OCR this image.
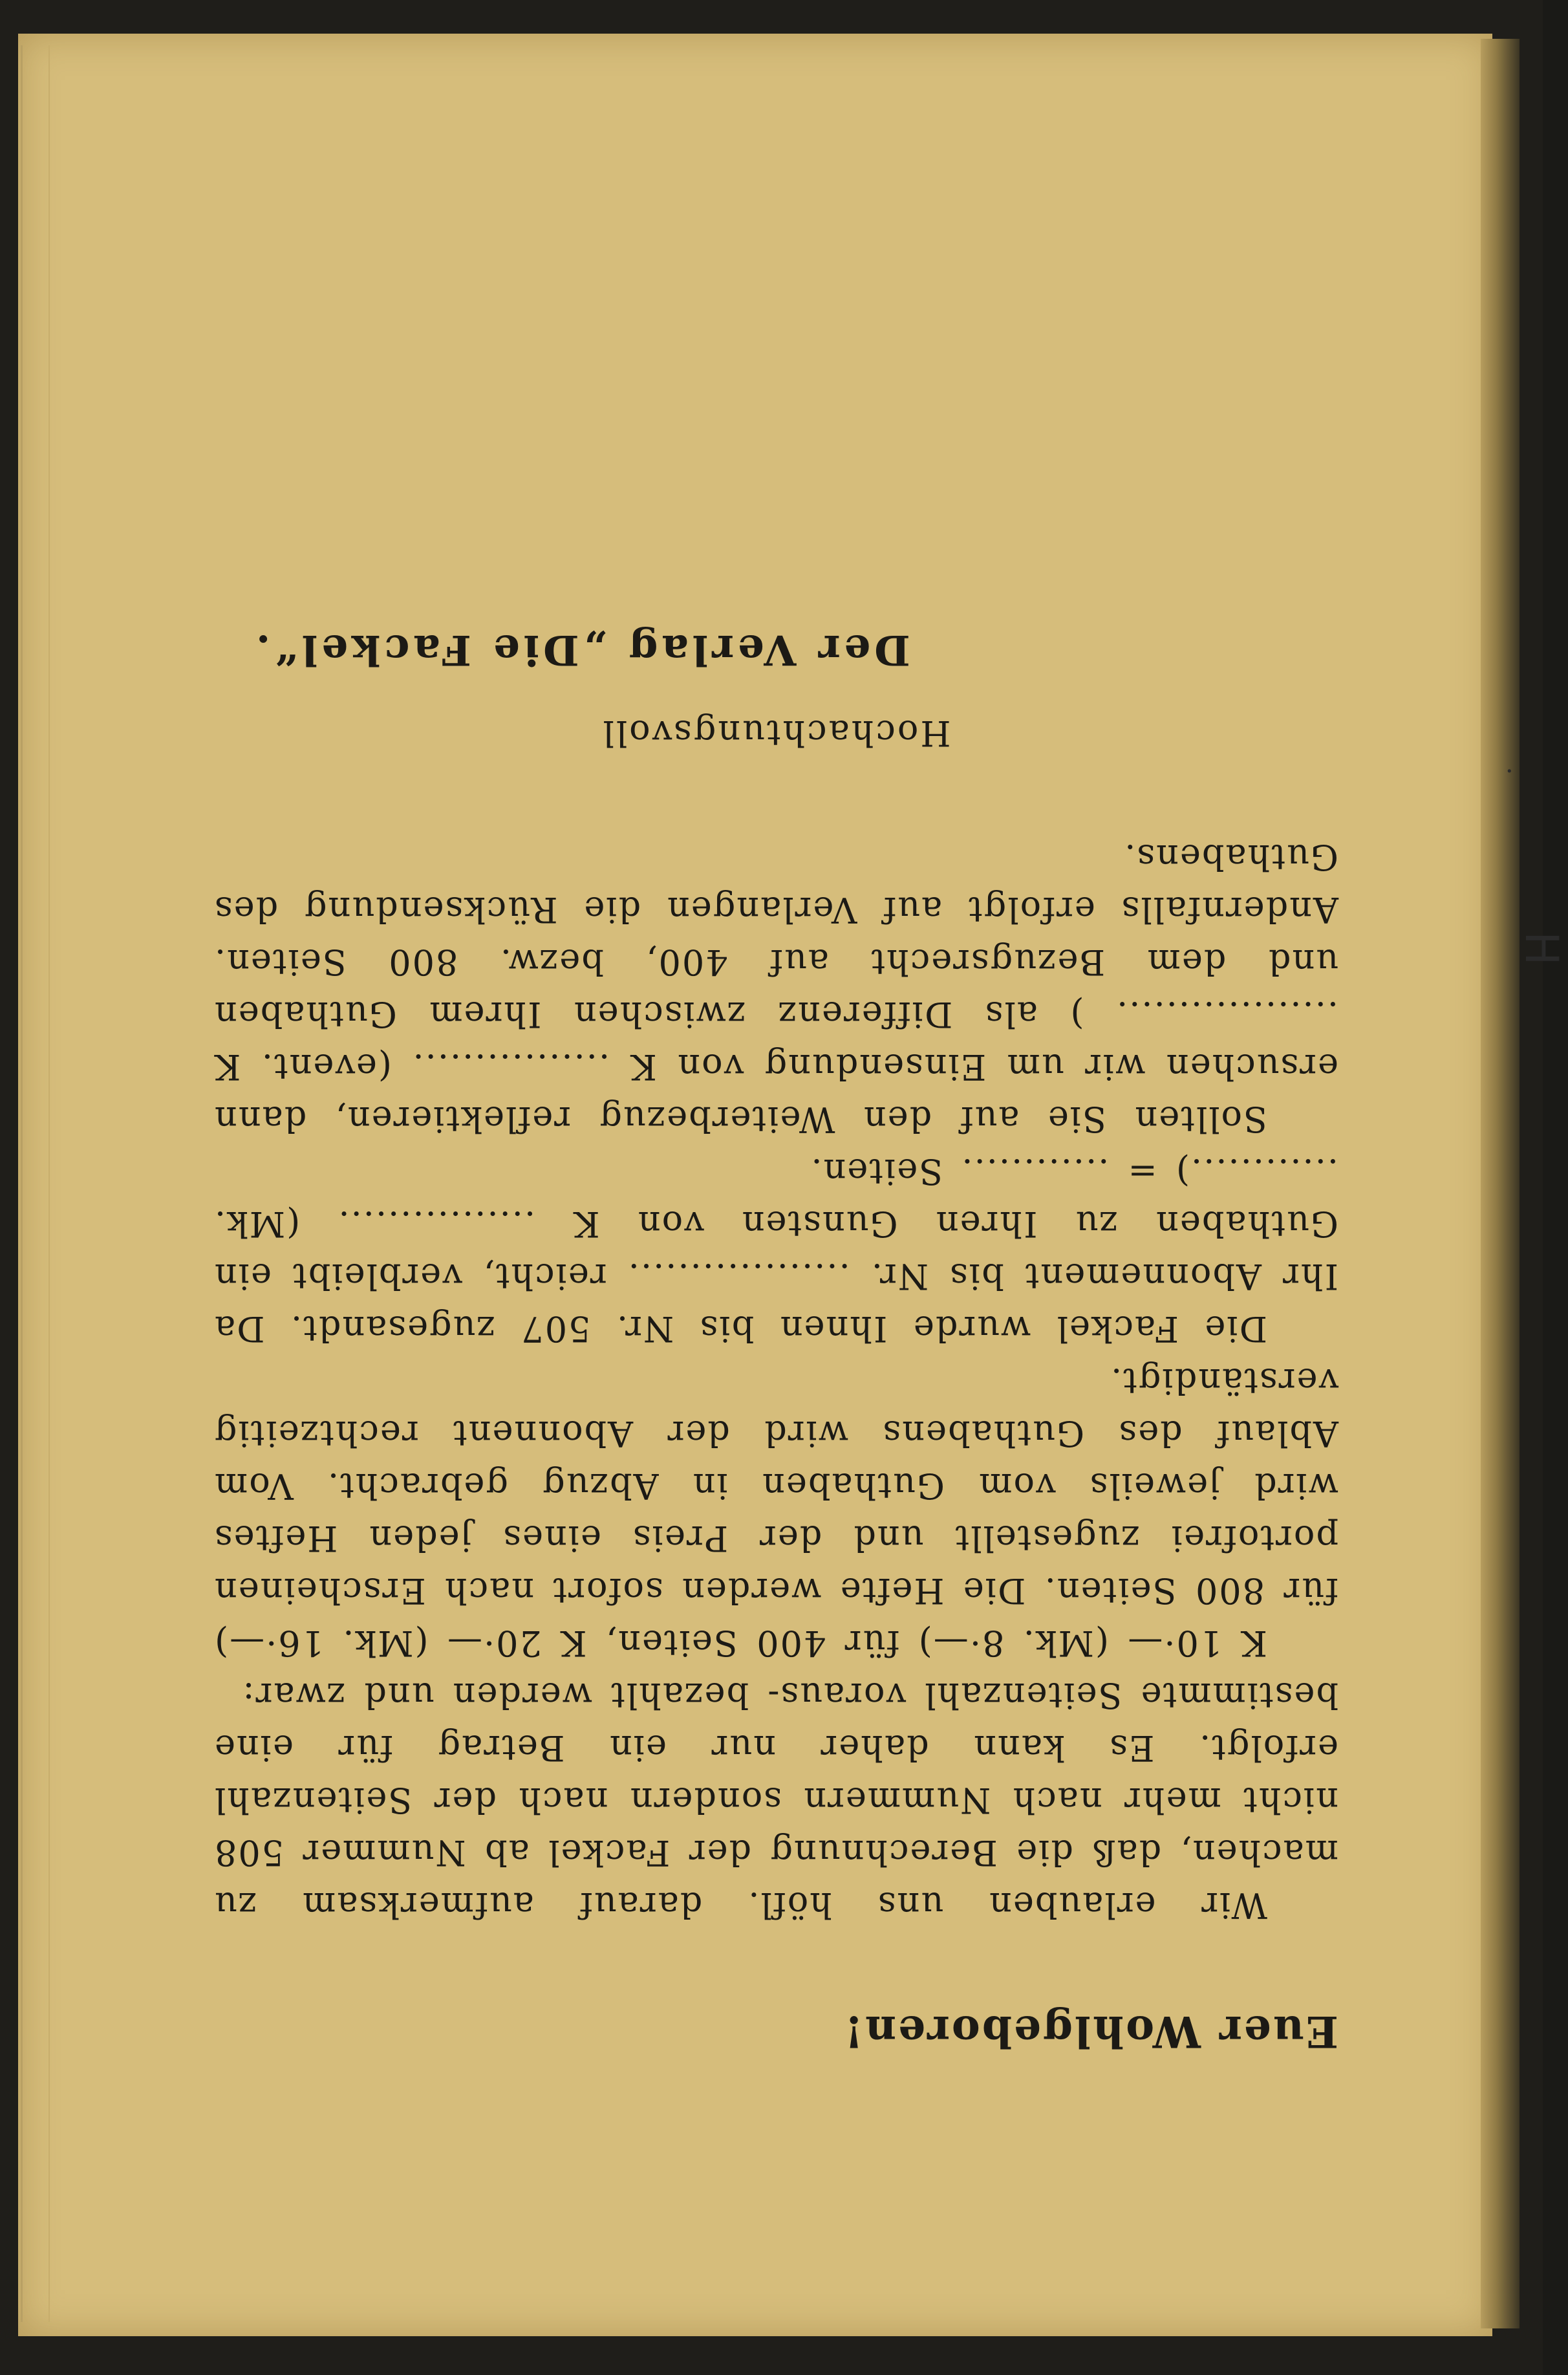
·
H
Euer Wohlgeboren!

Wir erlauben uns höfl. darauf aufmerksam zu machen, daß die Berechnung der Fackel ab Nummer 508 nicht mehr nach Nummern sondern nach der Seitenzahl erfolgt. Es kann daher nur ein Betrag für eine bestimmte Seitenzahl voraus- bezahlt werden und zwar:

K 10·— (Mk. 8·—) für 400 Seiten, K 20·— (Mk. 16·—) für 800 Seiten. Die Hefte werden sofort nach Erscheinen portofrei zugestellt und der Preis eines jeden Heftes wird jeweils vom Guthaben in Abzug gebracht. Vom Ablauf des Guthabens wird der Abonnent rechtzeitig verständigt.

Die Fackel wurde Ihnen bis Nr. 507 zugesandt. Da Ihr Abonnement bis Nr. .................. reicht, verbleibt ein Guthaben zu Ihren Gunsten von K ................ (Mk. ............) = ............ Seiten.

Sollten Sie auf den Weiterbezug reflektieren, dann ersuchen wir um Einsendung von K ................ (event. K .................. ) als Differenz zwischen Ihrem Guthaben und dem Bezugsrecht auf 400, bezw. 800 Seiten. Andernfalls erfolgt auf Verlangen die Rücksendung des Guthabens.

Hochachtungsvoll
Der Verlag „Die Fackel“.
